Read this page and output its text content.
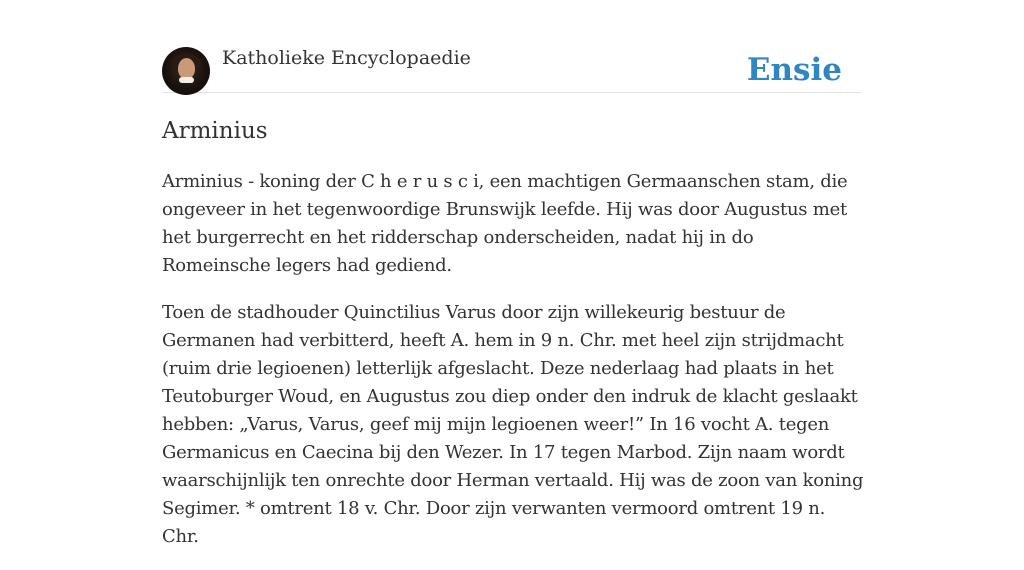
Katholieke Encyclopaedie	Ensie
Arminius

Arminius - koning der C h e r u s c i, een machtigen Germaanschen stam, die ongeveer in het tegenwoordige Brunswijk leefde. Hij was door Augustus met het burgerrecht en het ridderschap onderscheiden, nadat hij in do Romeinsche legers had gediend.

Toen de stadhouder Quinctilius Varus door zijn willekeurig bestuur de Germanen had verbitterd, heeft A. hem in 9 n. Chr. met heel zijn strijdmacht (ruim drie legioenen) letterlijk afgeslacht. Deze nederlaag had plaats in het Teutoburger Woud, en Augustus zou diep onder den indruk de klacht geslaakt hebben: „Varus, Varus, geef mij mijn legioenen weer!” In 16 vocht A. tegen Germanicus en Caecina bij den Wezer. In 17 tegen Marbod. Zijn naam wordt waarschijnlijk ten onrechte door Herman vertaald. Hij was de zoon van koning Segimer. * omtrent 18 v. Chr. Door zijn verwanten vermoord omtrent 19 n. Chr.
